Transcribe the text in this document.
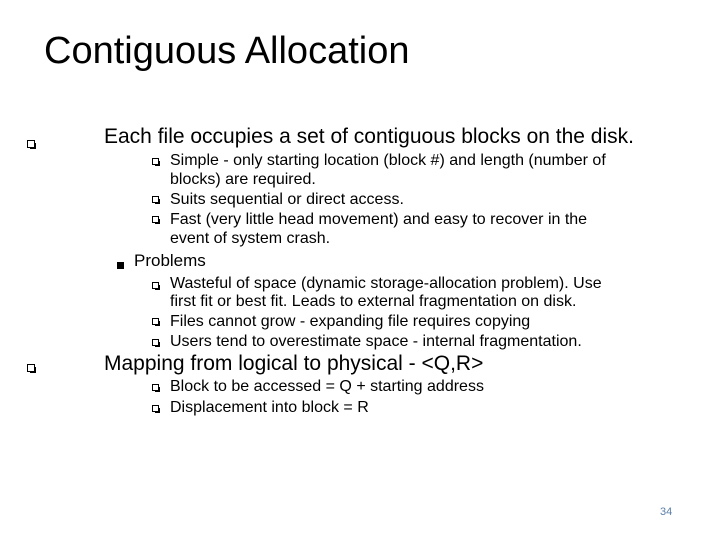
Contiguous Allocation
Each file occupies a set of contiguous blocks on the disk.
Simple - only starting location (block #) and length (number of
blocks) are required.
Suits sequential or direct access.
Fast (very little head movement) and easy to recover in the
event of system crash.
Problems
Wasteful of space (dynamic storage-allocation problem). Use
first fit or best fit. Leads to external fragmentation on disk.
Files cannot grow - expanding file requires copying
Users tend to overestimate space - internal fragmentation.
Mapping from logical to physical - <Q,R>
Block to be accessed = Q + starting address
Displacement into block = R
34
